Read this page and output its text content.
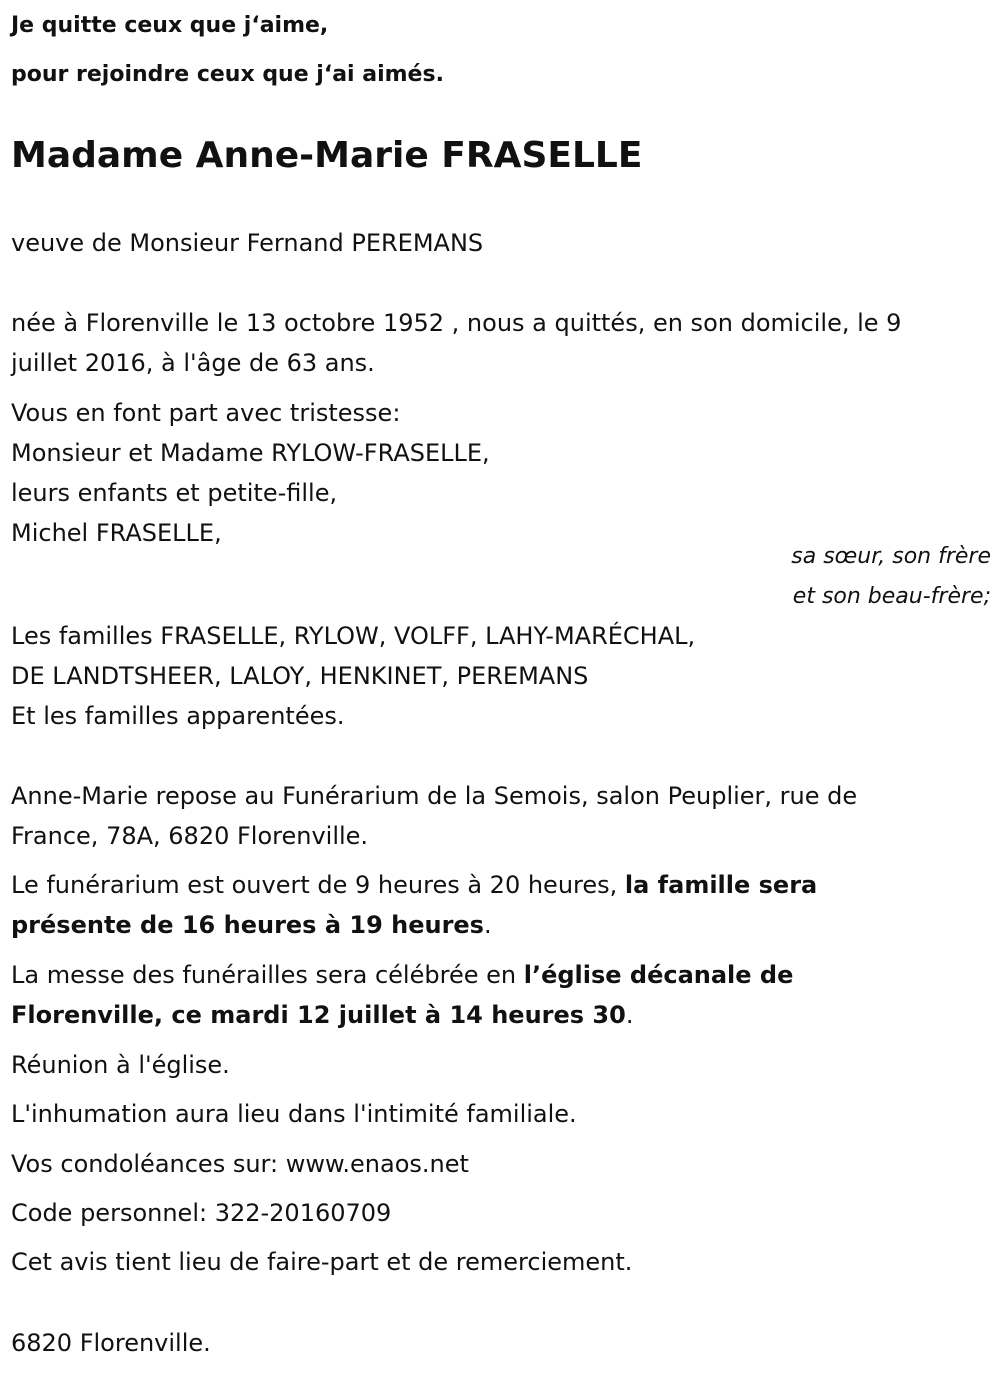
Je quitte ceux que j‘aime,
pour rejoindre ceux que j‘ai aimés.
Madame Anne-Marie FRASELLE
veuve de Monsieur Fernand PEREMANS
née à Florenville le 13 octobre 1952 , nous a quittés, en son domicile, le 9
juillet 2016, à l'âge de 63 ans.
Vous en font part avec tristesse:
Monsieur et Madame RYLOW-FRASELLE,
leurs enfants et petite-fille,
Michel FRASELLE,
sa sœur, son frère
et son beau-frère;
Les familles FRASELLE, RYLOW, VOLFF, LAHY-MARÉCHAL,
DE LANDTSHEER, LALOY, HENKINET, PEREMANS
Et les familles apparentées.
Anne-Marie repose au Funérarium de la Semois, salon Peuplier, rue de
France, 78A, 6820 Florenville.
Le funérarium est ouvert de 9 heures à 20 heures, la famille sera
présente de 16 heures à 19 heures.
La messe des funérailles sera célébrée en l’église décanale de
Florenville, ce mardi 12 juillet à 14 heures 30.
Réunion à l'église.
L'inhumation aura lieu dans l'intimité familiale.
Vos condoléances sur: www.enaos.net
Code personnel: 322-20160709
Cet avis tient lieu de faire-part et de remerciement.
6820 Florenville.
